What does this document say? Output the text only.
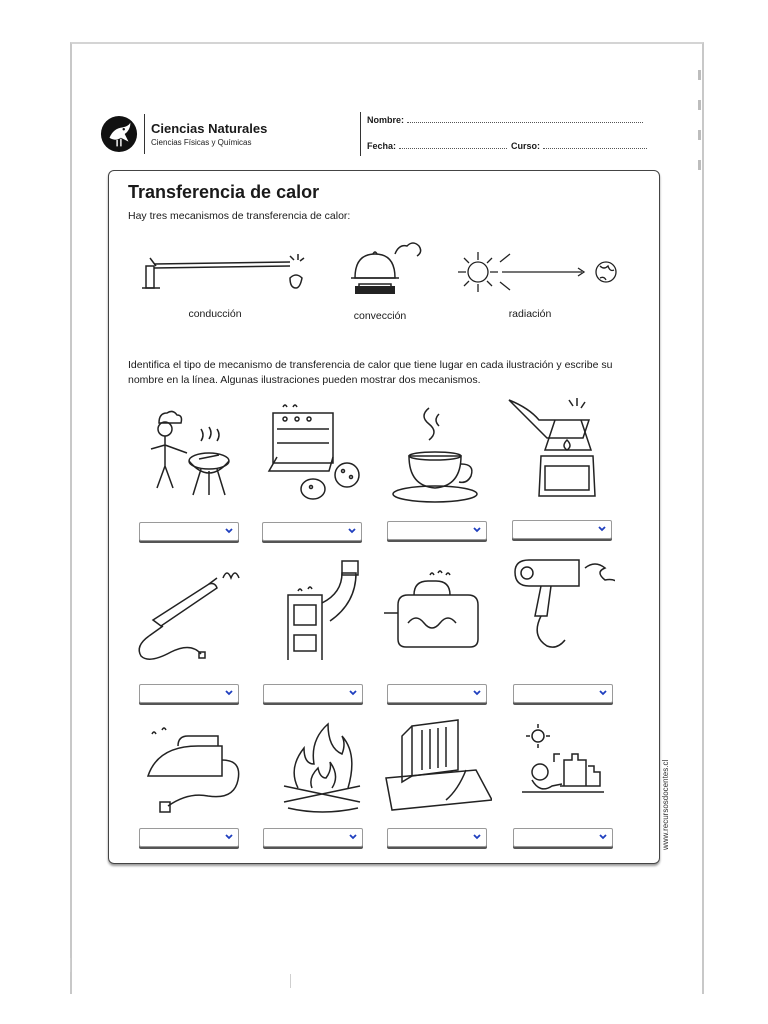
Ciencias Naturales
Ciencias Físicas y Químicas
Nombre:
Fecha:	Curso:
Transferencia de calor
Hay tres mecanismos de transferencia de calor:
conducción	convección	radiación
Identifica el tipo de mecanismo de transferencia de calor que tiene lugar en cada ilustración y escribe su nombre en la línea. Algunas ilustraciones pueden mostrar dos mecanismos.
www.recursosdocentes.cl
